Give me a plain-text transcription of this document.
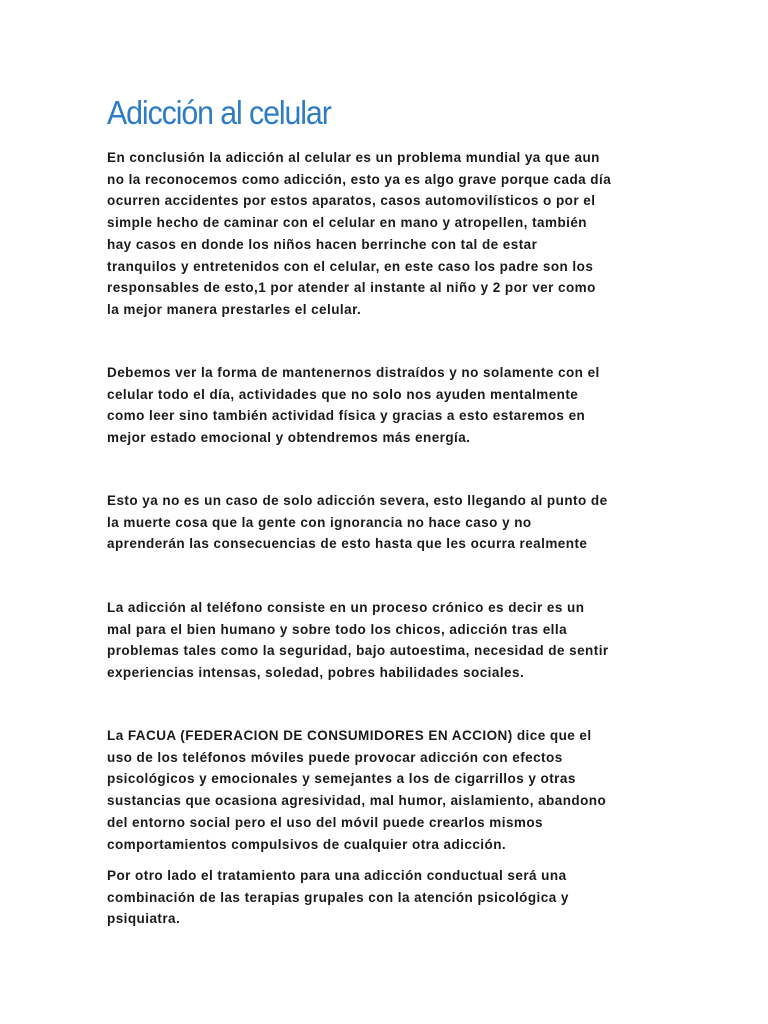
Adicción al celular

En conclusión la adicción al celular es un problema mundial ya que aun
no la reconocemos como adicción, esto ya es algo grave porque cada día
ocurren accidentes por estos aparatos, casos automovilísticos o por el
simple hecho de caminar con el celular en mano y atropellen, también
hay casos en donde los niños hacen berrinche con tal de estar
tranquilos y entretenidos con el celular, en este caso los padre son los
responsables de esto,1 por atender al instante al niño y 2 por ver como
la mejor manera prestarles el celular.

Debemos ver la forma de mantenernos distraídos y no solamente con el
celular todo el día, actividades que no solo nos ayuden mentalmente
como leer sino también actividad física y gracias a esto estaremos en
mejor estado emocional y obtendremos más energía.

Esto ya no es un caso de solo adicción severa, esto llegando al punto de
la muerte cosa que la gente con ignorancia no hace caso y no
aprenderán las consecuencias de esto hasta que les ocurra realmente

La adicción al teléfono consiste en un proceso crónico es decir es un
mal para el bien humano y sobre todo los chicos, adicción tras ella
problemas tales como la seguridad, bajo autoestima, necesidad de sentir
experiencias intensas, soledad, pobres habilidades sociales.

La FACUA (FEDERACION DE CONSUMIDORES EN ACCION) dice que el
uso de los teléfonos móviles puede provocar adicción con efectos
psicológicos y emocionales y semejantes a los de cigarrillos y otras
sustancias que ocasiona agresividad, mal humor, aislamiento, abandono
del entorno social pero el uso del móvil puede crearlos mismos
comportamientos compulsivos de cualquier otra adicción.

Por otro lado el tratamiento para una adicción conductual será una
combinación de las terapias grupales con la atención psicológica y
psiquiatra.
